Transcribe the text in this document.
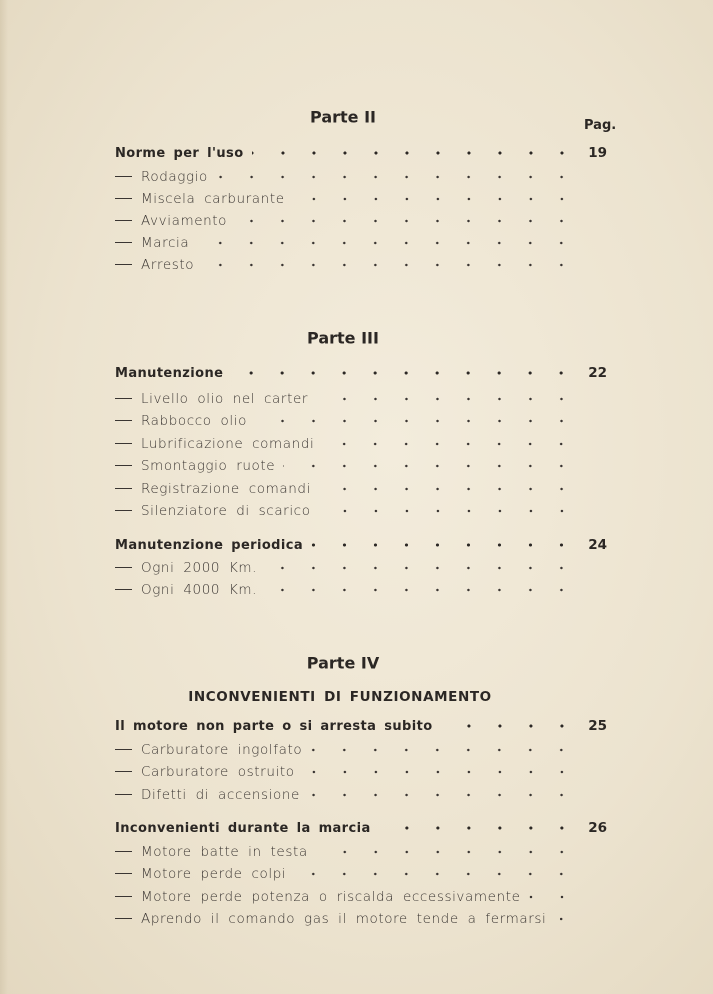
Pag.
Parte II
Norme per l'uso	19
Rodaggio
Miscela carburante
Avviamento
Marcia
Arresto
Parte III
Manutenzione	22
Livello olio nel carter
Rabbocco olio
Lubrificazione comandi
Smontaggio ruote
Registrazione comandi
Silenziatore di scarico
Manutenzione periodica	24
Ogni 2000 Km.
Ogni 4000 Km.
Parte IV
INCONVENIENTI DI FUNZIONAMENTO
Il motore non parte o si arresta subito	25
Carburatore ingolfato
Carburatore ostruito
Difetti di accensione
Inconvenienti durante la marcia	26
Motore batte in testa
Motore perde colpi
Motore perde potenza o riscalda eccessivamente
Aprendo il comando gas il motore tende a fermarsi
